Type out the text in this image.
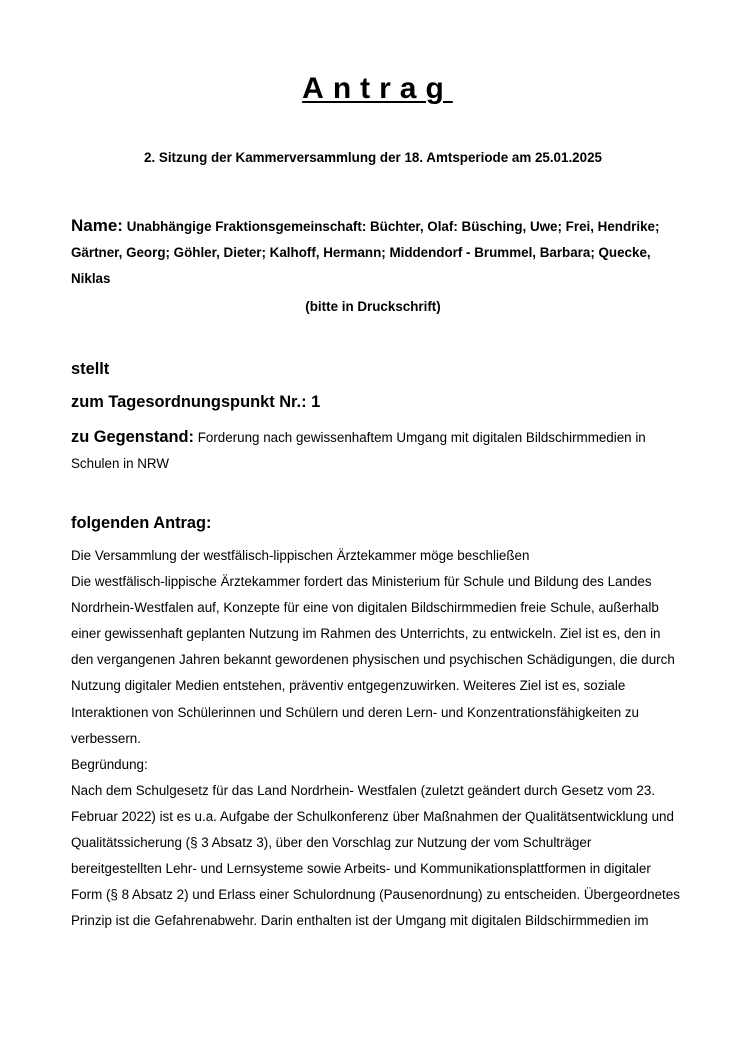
Antrag
2. Sitzung der Kammerversammlung der 18. Amtsperiode am 25.01.2025
Name: Unabhängige Fraktionsgemeinschaft: Büchter, Olaf: Büsching, Uwe; Frei, Hendrike; Gärtner, Georg; Göhler, Dieter; Kalhoff, Hermann; Middendorf - Brummel, Barbara; Quecke, Niklas
(bitte in Druckschrift)
stellt
zum Tagesordnungspunkt Nr.: 1
zu Gegenstand: Forderung nach gewissenhaftem Umgang mit digitalen Bildschirmmedien in Schulen in NRW
folgenden Antrag:

Die Versammlung der westfälisch-lippischen Ärztekammer möge beschließen

Die westfälisch-lippische Ärztekammer fordert das Ministerium für Schule und Bildung des Landes Nordrhein-Westfalen auf, Konzepte für eine von digitalen Bildschirmmedien freie Schule, außerhalb einer gewissenhaft geplanten Nutzung im Rahmen des Unterrichts, zu entwickeln. Ziel ist es, den in den vergangenen Jahren bekannt gewordenen physischen und psychischen Schädigungen, die durch Nutzung digitaler Medien entstehen, präventiv entgegenzuwirken. Weiteres Ziel ist es, soziale Interaktionen von Schülerinnen und Schülern und deren Lern- und Konzentrationsfähigkeiten zu verbessern.

Begründung:

Nach dem Schulgesetz für das Land Nordrhein- Westfalen (zuletzt geändert durch Gesetz vom 23. Februar 2022) ist es u.a. Aufgabe der Schulkonferenz über Maßnahmen der Qualitätsentwicklung und Qualitätssicherung (§ 3 Absatz 3), über den Vorschlag zur Nutzung der vom Schulträger bereitgestellten Lehr- und Lernsysteme sowie Arbeits- und Kommunikationsplattformen in digitaler Form (§ 8 Absatz 2) und Erlass einer Schulordnung (Pausenordnung) zu entscheiden. Übergeordnetes Prinzip ist die Gefahrenabwehr. Darin enthalten ist der Umgang mit digitalen Bildschirmmedien im
